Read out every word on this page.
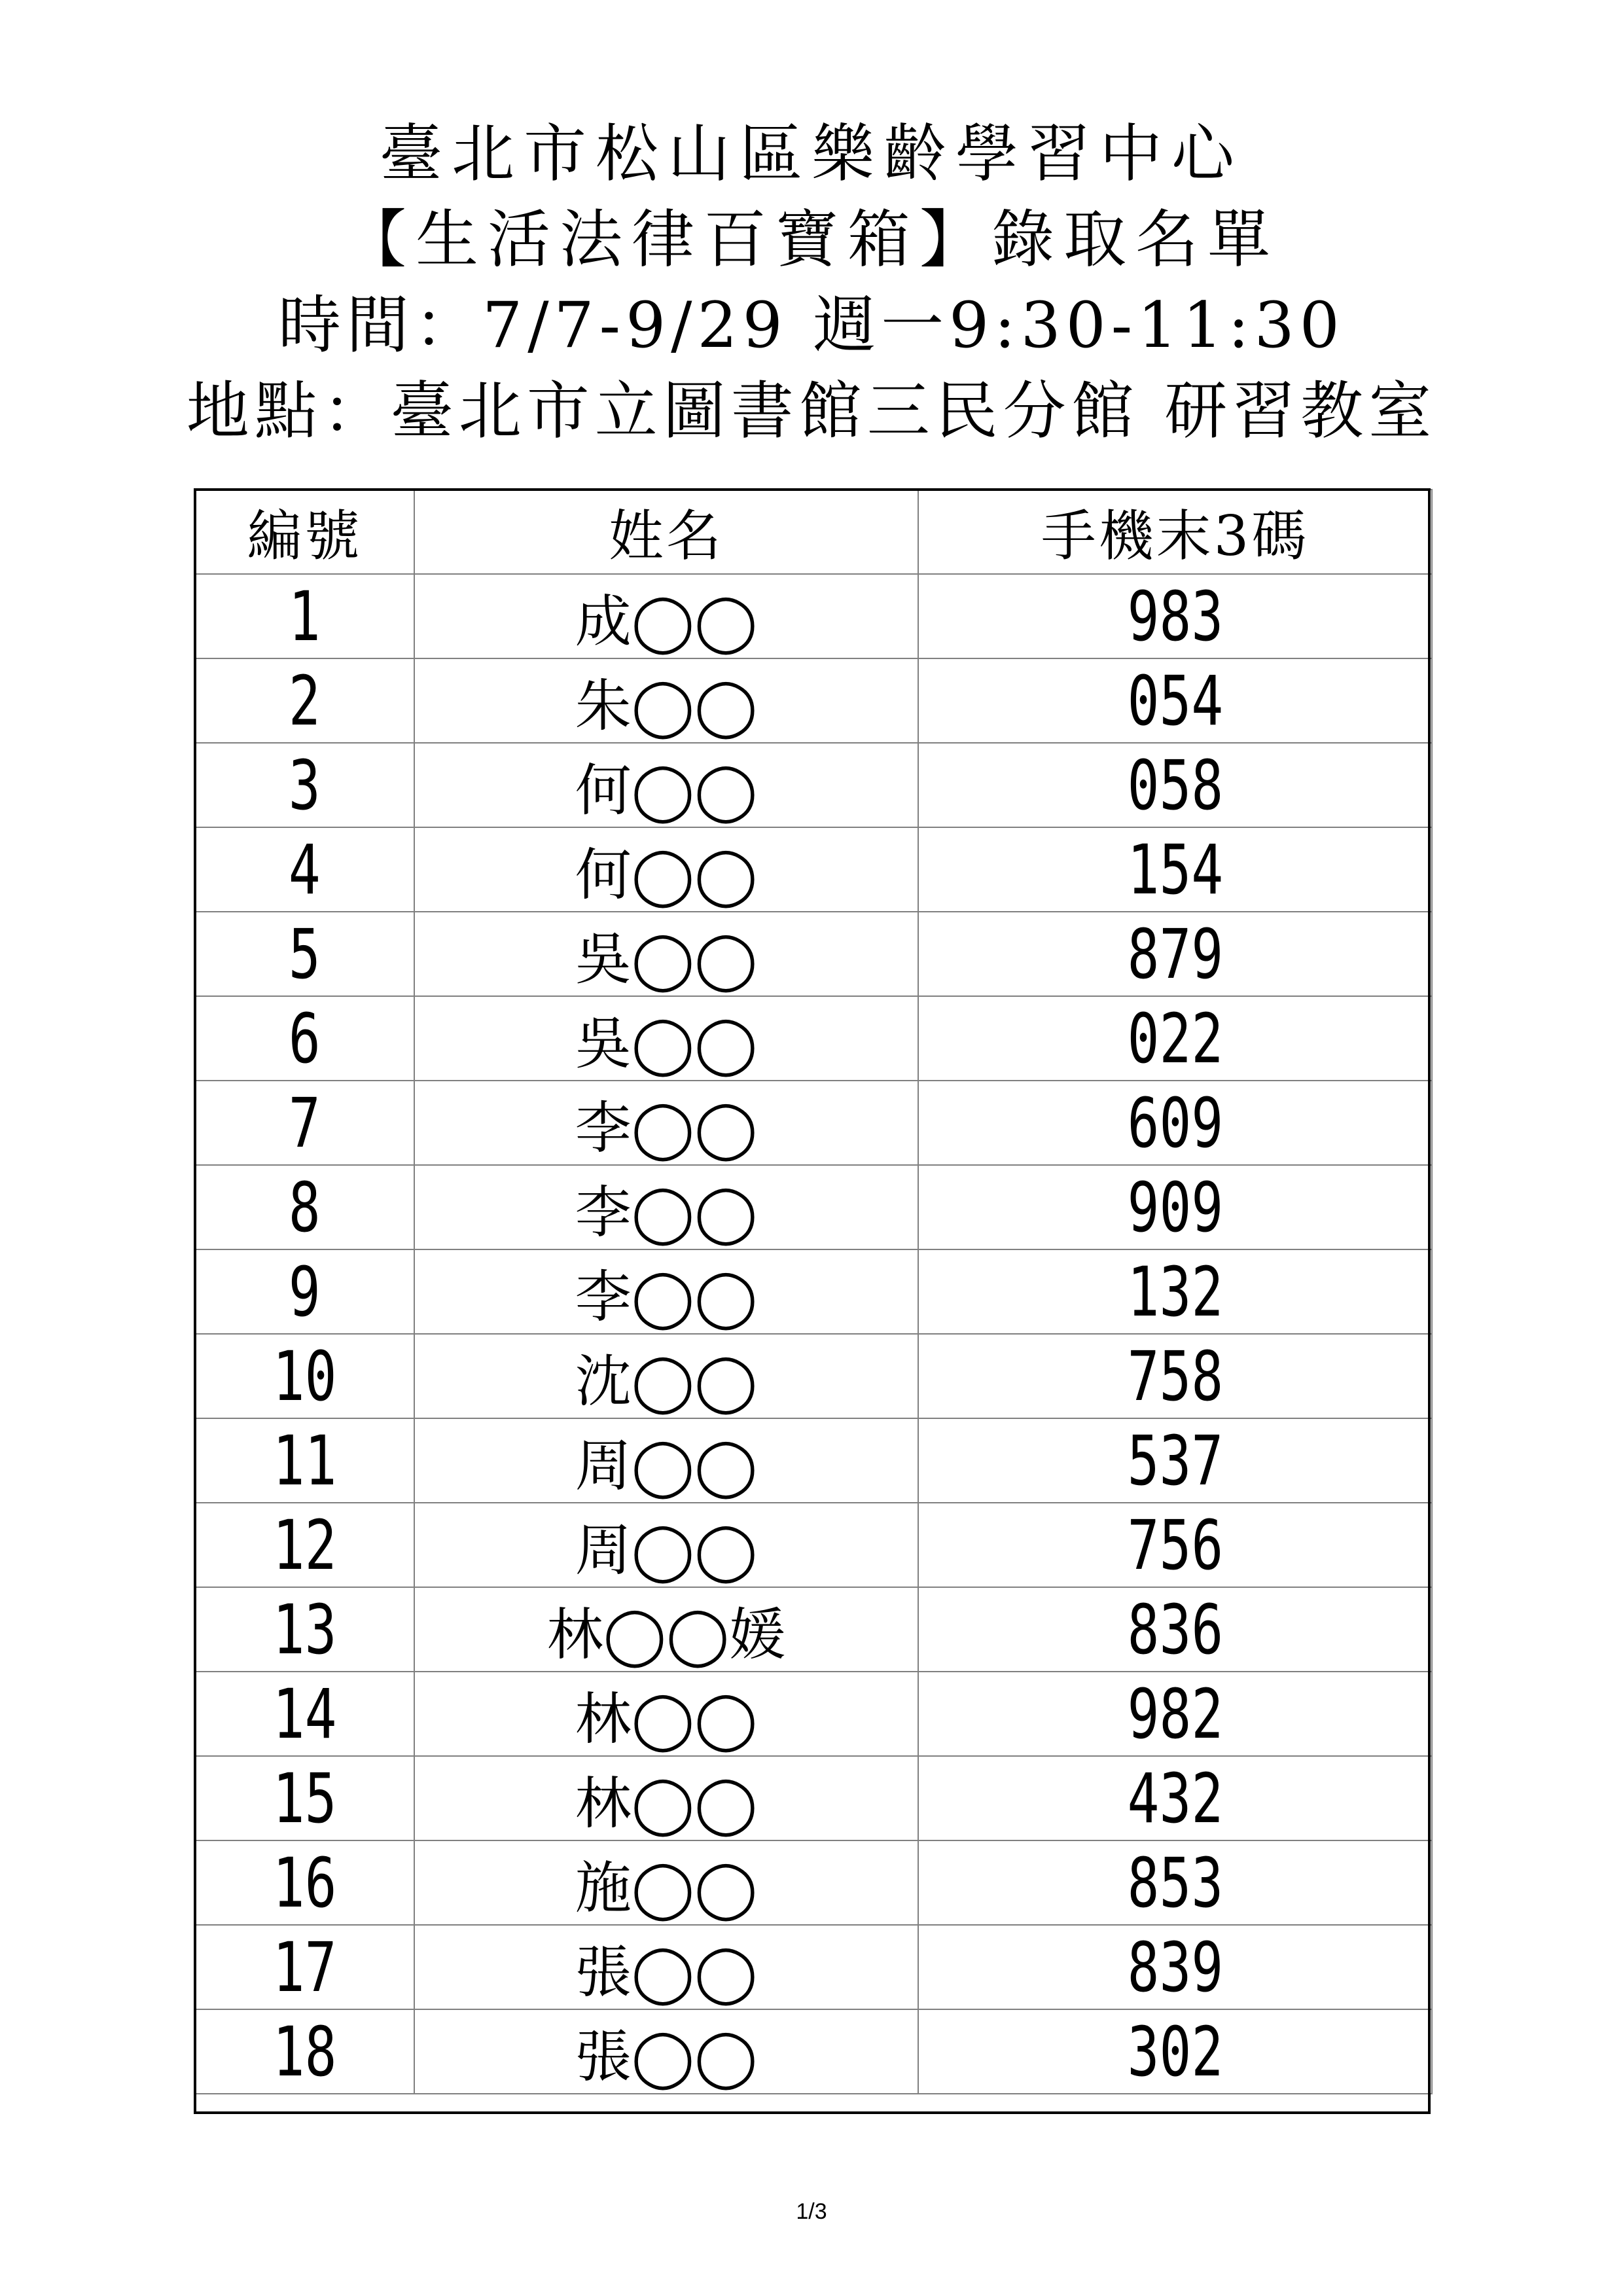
臺北市松山區樂齡學習中心
【生活法律百寶箱】錄取名單
時間：7/7-9/29 週一9:30-11:30
地點：臺北市立圖書館三民分館 研習教室
編號	姓名	手機末3碼
1	成◯◯	983
2	朱◯◯	054
3	何◯◯	058
4	何◯◯	154
5	吳◯◯	879
6	吳◯◯	022
7	李◯◯	609
8	李◯◯	909
9	李◯◯	132
10	沈◯◯	758
11	周◯◯	537
12	周◯◯	756
13	林◯◯媛	836
14	林◯◯	982
15	林◯◯	432
16	施◯◯	853
17	張◯◯	839
18	張◯◯	302
1/3
